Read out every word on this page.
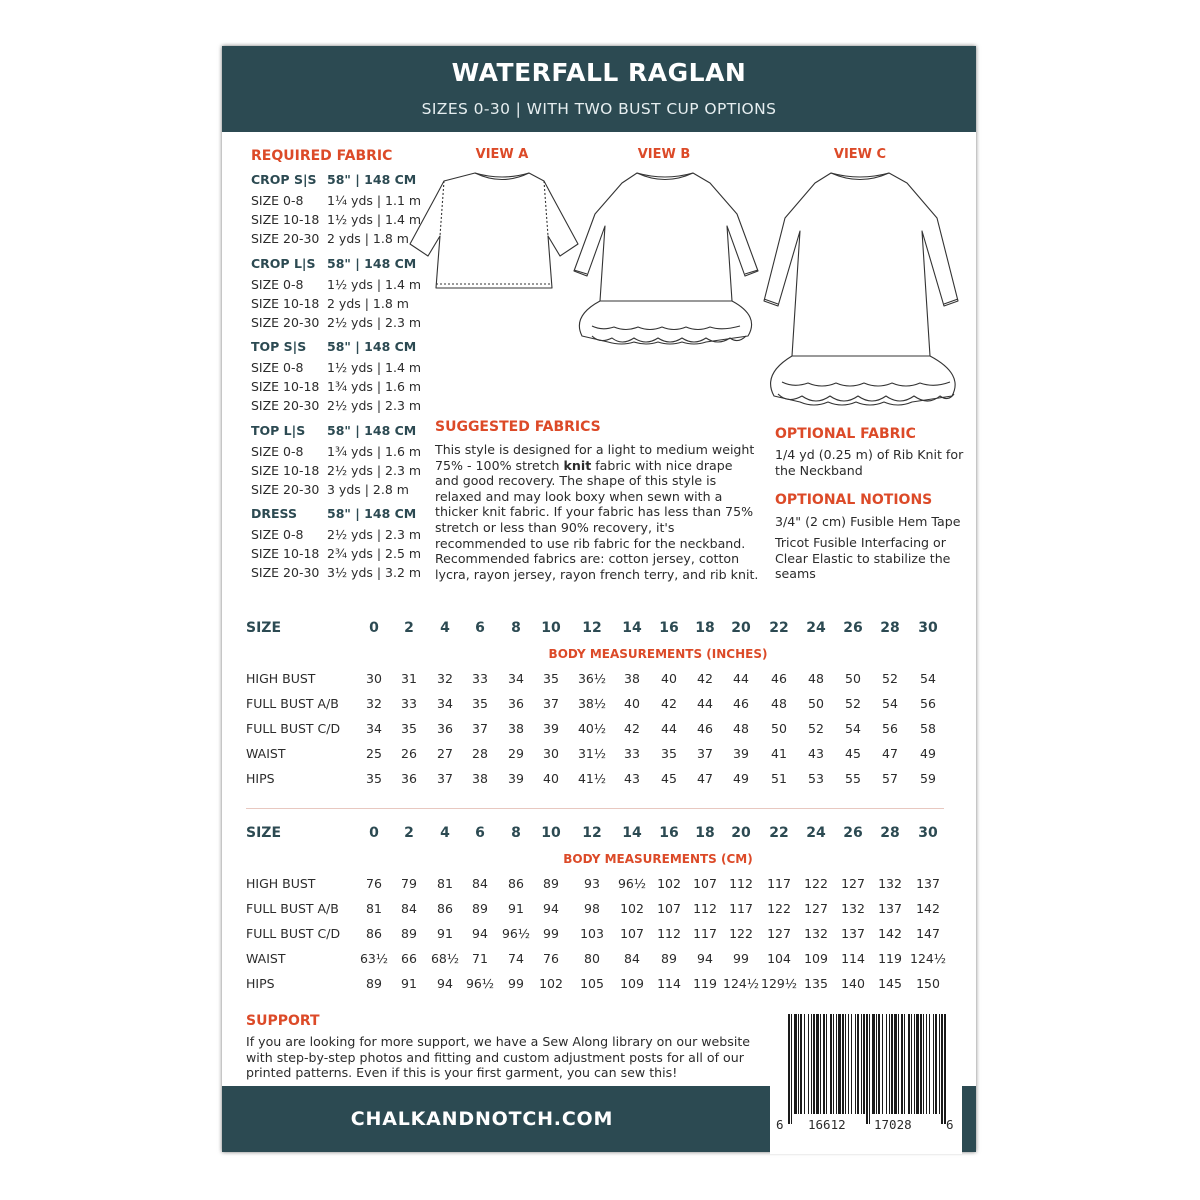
WATERFALL RAGLAN
SIZES 0-30 | WITH TWO BUST CUP OPTIONS
REQUIRED FABRIC
CROP S|S 58" | 148 CM
SIZE 0-8 1¼ yds | 1.1 m
SIZE 10-18 1½ yds | 1.4 m
SIZE 20-30 2 yds | 1.8 m
CROP L|S 58" | 148 CM
SIZE 0-8 1½ yds | 1.4 m
SIZE 10-18 2 yds | 1.8 m
SIZE 20-30 2½ yds | 2.3 m
TOP S|S 58" | 148 CM
SIZE 0-8 1½ yds | 1.4 m
SIZE 10-18 1¾ yds | 1.6 m
SIZE 20-30 2½ yds | 2.3 m
TOP L|S 58" | 148 CM
SIZE 0-8 1¾ yds | 1.6 m
SIZE 10-18 2½ yds | 2.3 m
SIZE 20-30 3 yds | 2.8 m
DRESS 58" | 148 CM
SIZE 0-8 2½ yds | 2.3 m
SIZE 10-18 2¾ yds | 2.5 m
SIZE 20-30 3½ yds | 3.2 m
VIEW A	VIEW B	VIEW C
SUGGESTED FABRICS
This style is designed for a light to medium weight 75% - 100% stretch knit fabric with nice drape and good recovery. The shape of this style is relaxed and may look boxy when sewn with a thicker knit fabric. If your fabric has less than 75% stretch or less than 90% recovery, it's recommended to use rib fabric for the neckband. Recommended fabrics are: cotton jersey, cotton lycra, rayon jersey, rayon french terry, and rib knit.
OPTIONAL FABRIC
1/4 yd (0.25 m) of Rib Knit for the Neckband
OPTIONAL NOTIONS
3/4" (2 cm) Fusible Hem Tape
Tricot Fusible Interfacing or Clear Elastic to stabilize the seams
SIZE	0	2	4	6	8	10	12	14	16	18	20	22	24	26	28	30
BODY MEASUREMENTS (INCHES)
HIGH BUST	30	31	32	33	34	35	36½	38	40	42	44	46	48	50	52	54
FULL BUST A/B	32	33	34	35	36	37	38½	40	42	44	46	48	50	52	54	56
FULL BUST C/D	34	35	36	37	38	39	40½	42	44	46	48	50	52	54	56	58
WAIST	25	26	27	28	29	30	31½	33	35	37	39	41	43	45	47	49
HIPS	35	36	37	38	39	40	41½	43	45	47	49	51	53	55	57	59
SIZE	0	2	4	6	8	10	12	14	16	18	20	22	24	26	28	30
BODY MEASUREMENTS (CM)
HIGH BUST	76	79	81	84	86	89	93	96½ 102 107 112	117	122	127	132	137
FULL BUST A/B	81	84	86	89	91	94	98	102	107 112 117	122	127	132	137	142
FULL BUST C/D	86	89	91	94	96½	99	103	107	112 117 122	127	132	137	142	147
WAIST	63½	66	68½	71	74	76	80	84	89	94	99	104	109	114	119 124½
HIPS	89	91	94	96½	99	102	105	109	114 119 124½ 129½ 135	140	145	150
SUPPORT
If you are looking for more support, we have a Sew Along library on our website with step-by-step photos and fitting and custom adjustment posts for all of our printed patterns. Even if this is your first garment, you can sew this!
CHALKANDNOTCH.COM	6 16612 17028	6
